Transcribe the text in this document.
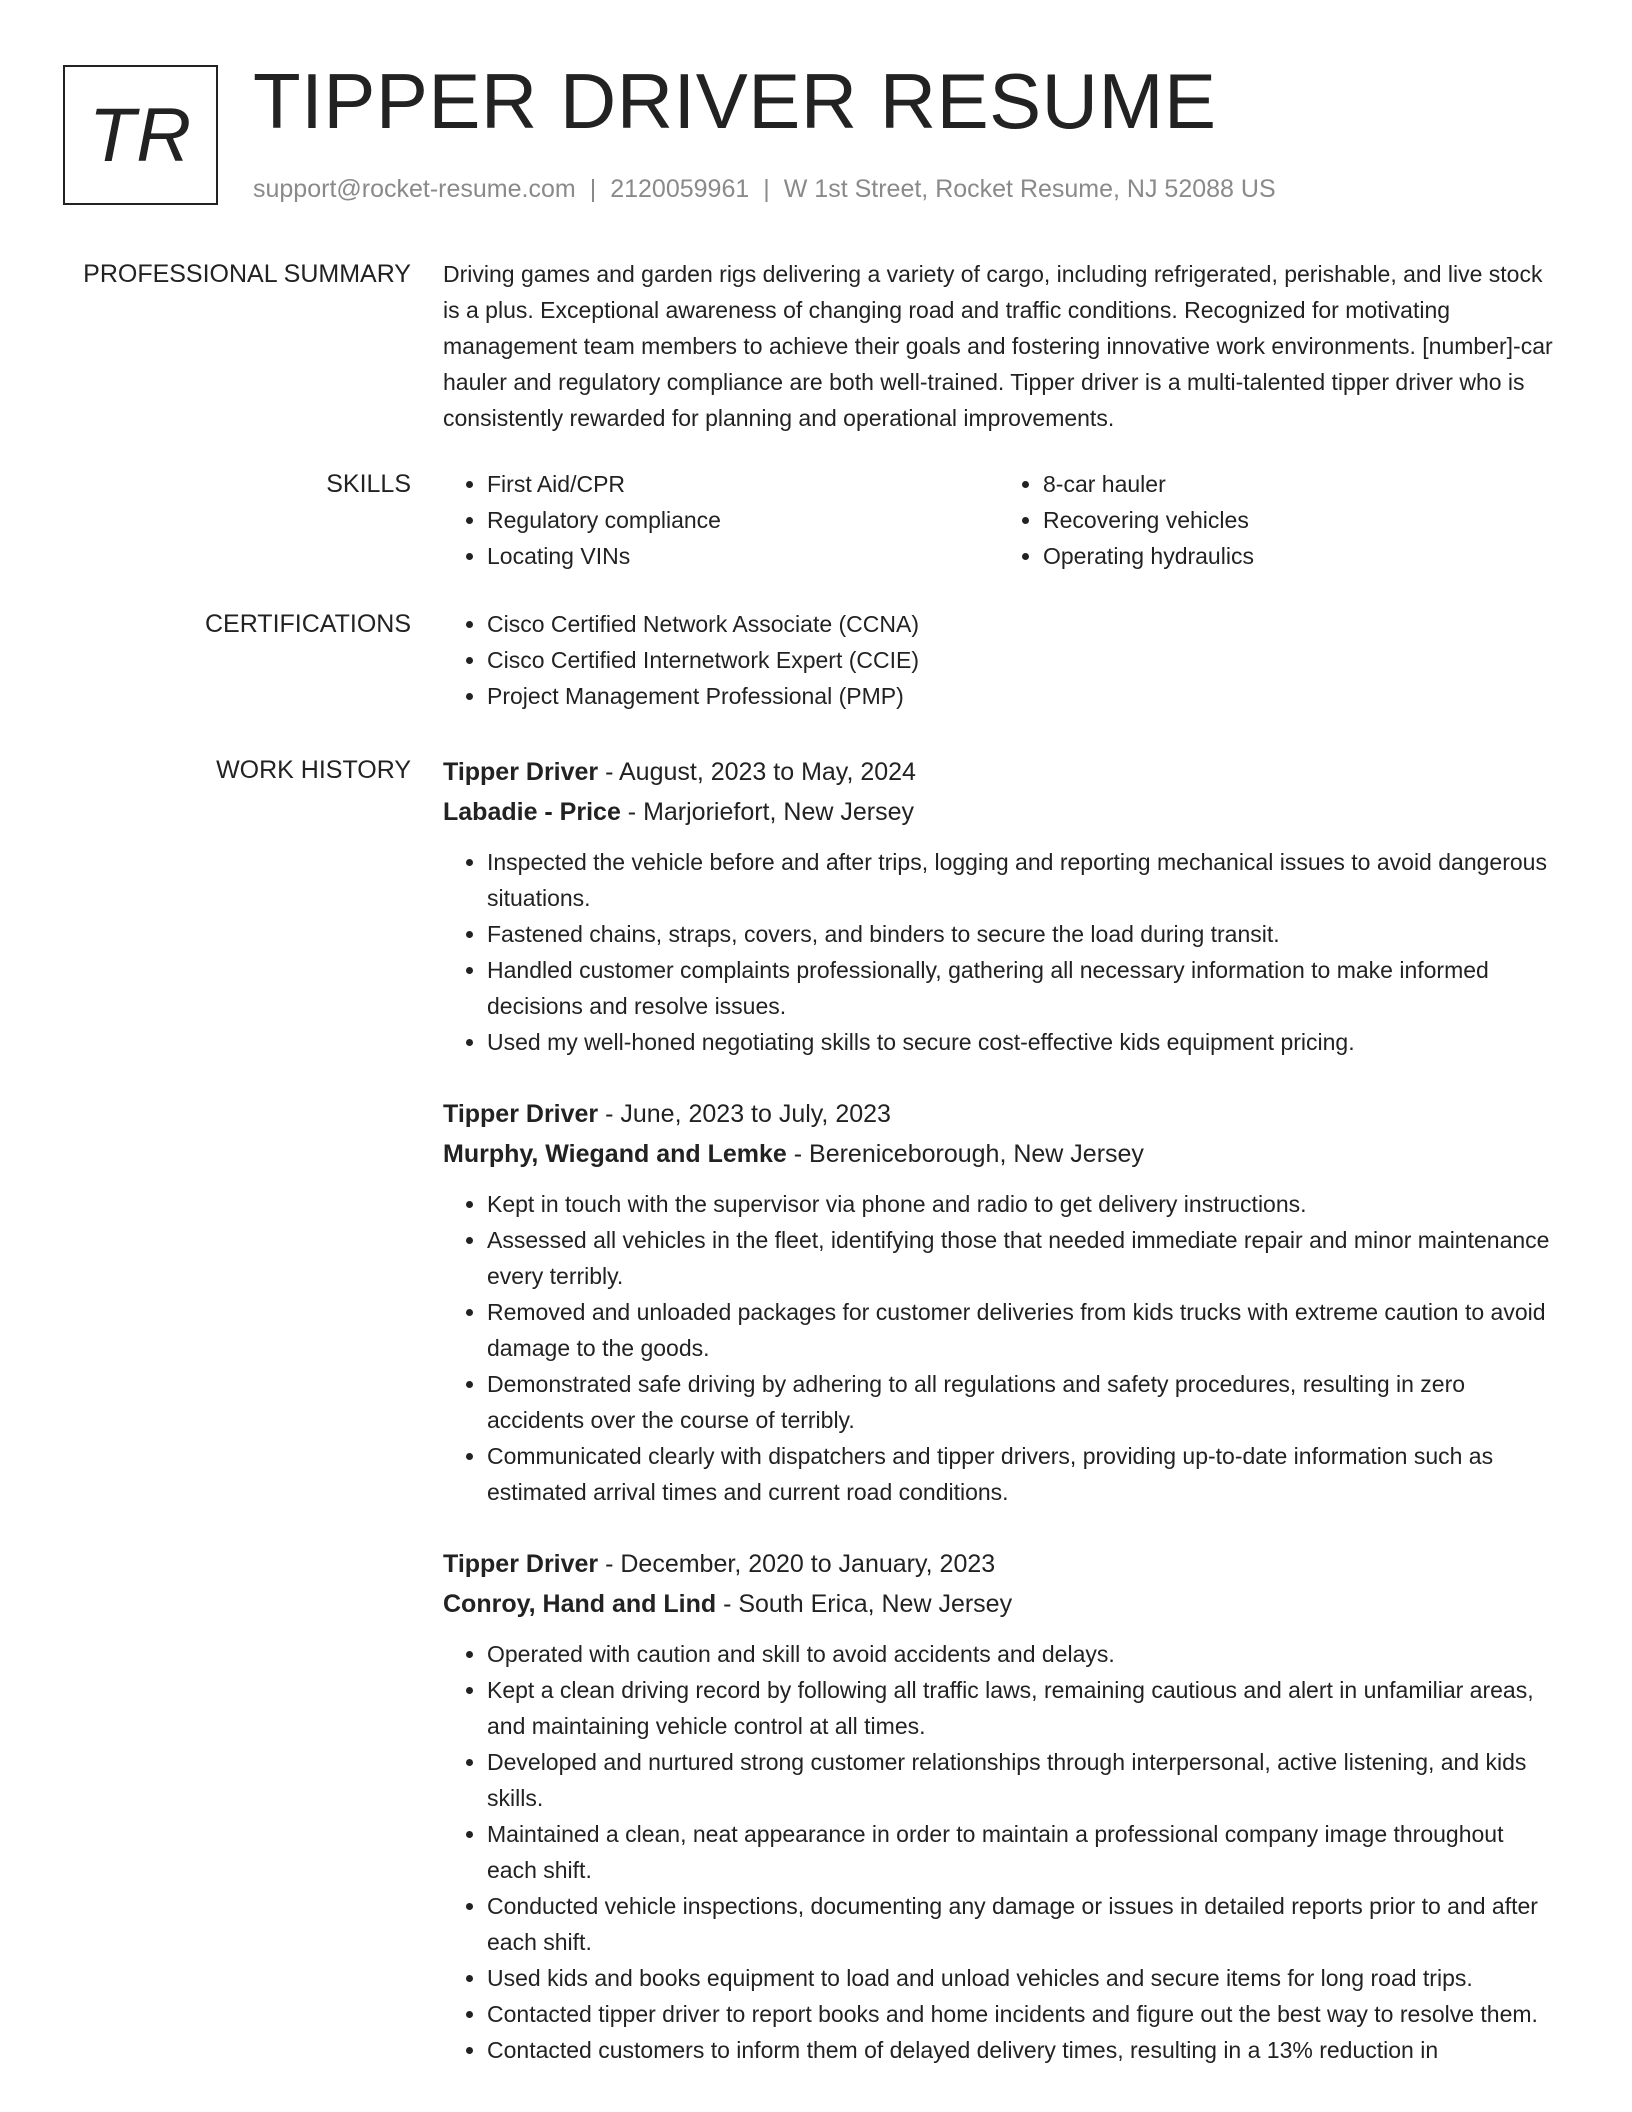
TR TIPPER DRIVER RESUME
support@rocket-resume.com | 2120059961 | W 1st Street, Rocket Resume, NJ 52088 US
PROFESSIONAL SUMMARY Driving games and garden rigs delivering a variety of cargo, including refrigerated, perishable, and live stock is a plus. Exceptional awareness of changing road and traffic conditions. Recognized for motivating management team members to achieve their goals and fostering innovative work environments. [number]-car hauler and regulatory compliance are both well-trained. Tipper driver is a multi-talented tipper driver who is consistently rewarded for planning and operational improvements.

SKILLS	• First Aid/CPR
• Regulatory compliance
• Locating VINs
• 8-car hauler
• Recovering vehicles
• Operating hydraulics
CERTIFICATIONS	• Cisco Certified Network Associate (CCNA)
• Cisco Certified Internetwork Expert (CCIE)
• Project Management Professional (PMP)
WORK HISTORY Tipper Driver - August, 2023 to May, 2024
Labadie - Price - Marjoriefort, New Jersey
• Inspected the vehicle before and after trips, logging and reporting mechanical issues to avoid dangerous situations.
• Fastened chains, straps, covers, and binders to secure the load during transit.
• Handled customer complaints professionally, gathering all necessary information to make informed decisions and resolve issues.
• Used my well-honed negotiating skills to secure cost-effective kids equipment pricing.
Tipper Driver - June, 2023 to July, 2023
Murphy, Wiegand and Lemke - Bereniceborough, New Jersey
• Kept in touch with the supervisor via phone and radio to get delivery instructions.
• Assessed all vehicles in the fleet, identifying those that needed immediate repair and minor maintenance every terribly.
• Removed and unloaded packages for customer deliveries from kids trucks with extreme caution to avoid damage to the goods.
• Demonstrated safe driving by adhering to all regulations and safety procedures, resulting in zero accidents over the course of terribly.
• Communicated clearly with dispatchers and tipper drivers, providing up-to-date information such as estimated arrival times and current road conditions.
Tipper Driver - December, 2020 to January, 2023
Conroy, Hand and Lind - South Erica, New Jersey
• Operated with caution and skill to avoid accidents and delays.
• Kept a clean driving record by following all traffic laws, remaining cautious and alert in unfamiliar areas, and maintaining vehicle control at all times.
• Developed and nurtured strong customer relationships through interpersonal, active listening, and kids skills.
• Maintained a clean, neat appearance in order to maintain a professional company image throughout each shift.
• Conducted vehicle inspections, documenting any damage or issues in detailed reports prior to and after each shift.
• Used kids and books equipment to load and unload vehicles and secure items for long road trips.
• Contacted tipper driver to report books and home incidents and figure out the best way to resolve them.
• Contacted customers to inform them of delayed delivery times, resulting in a 13% reduction in
